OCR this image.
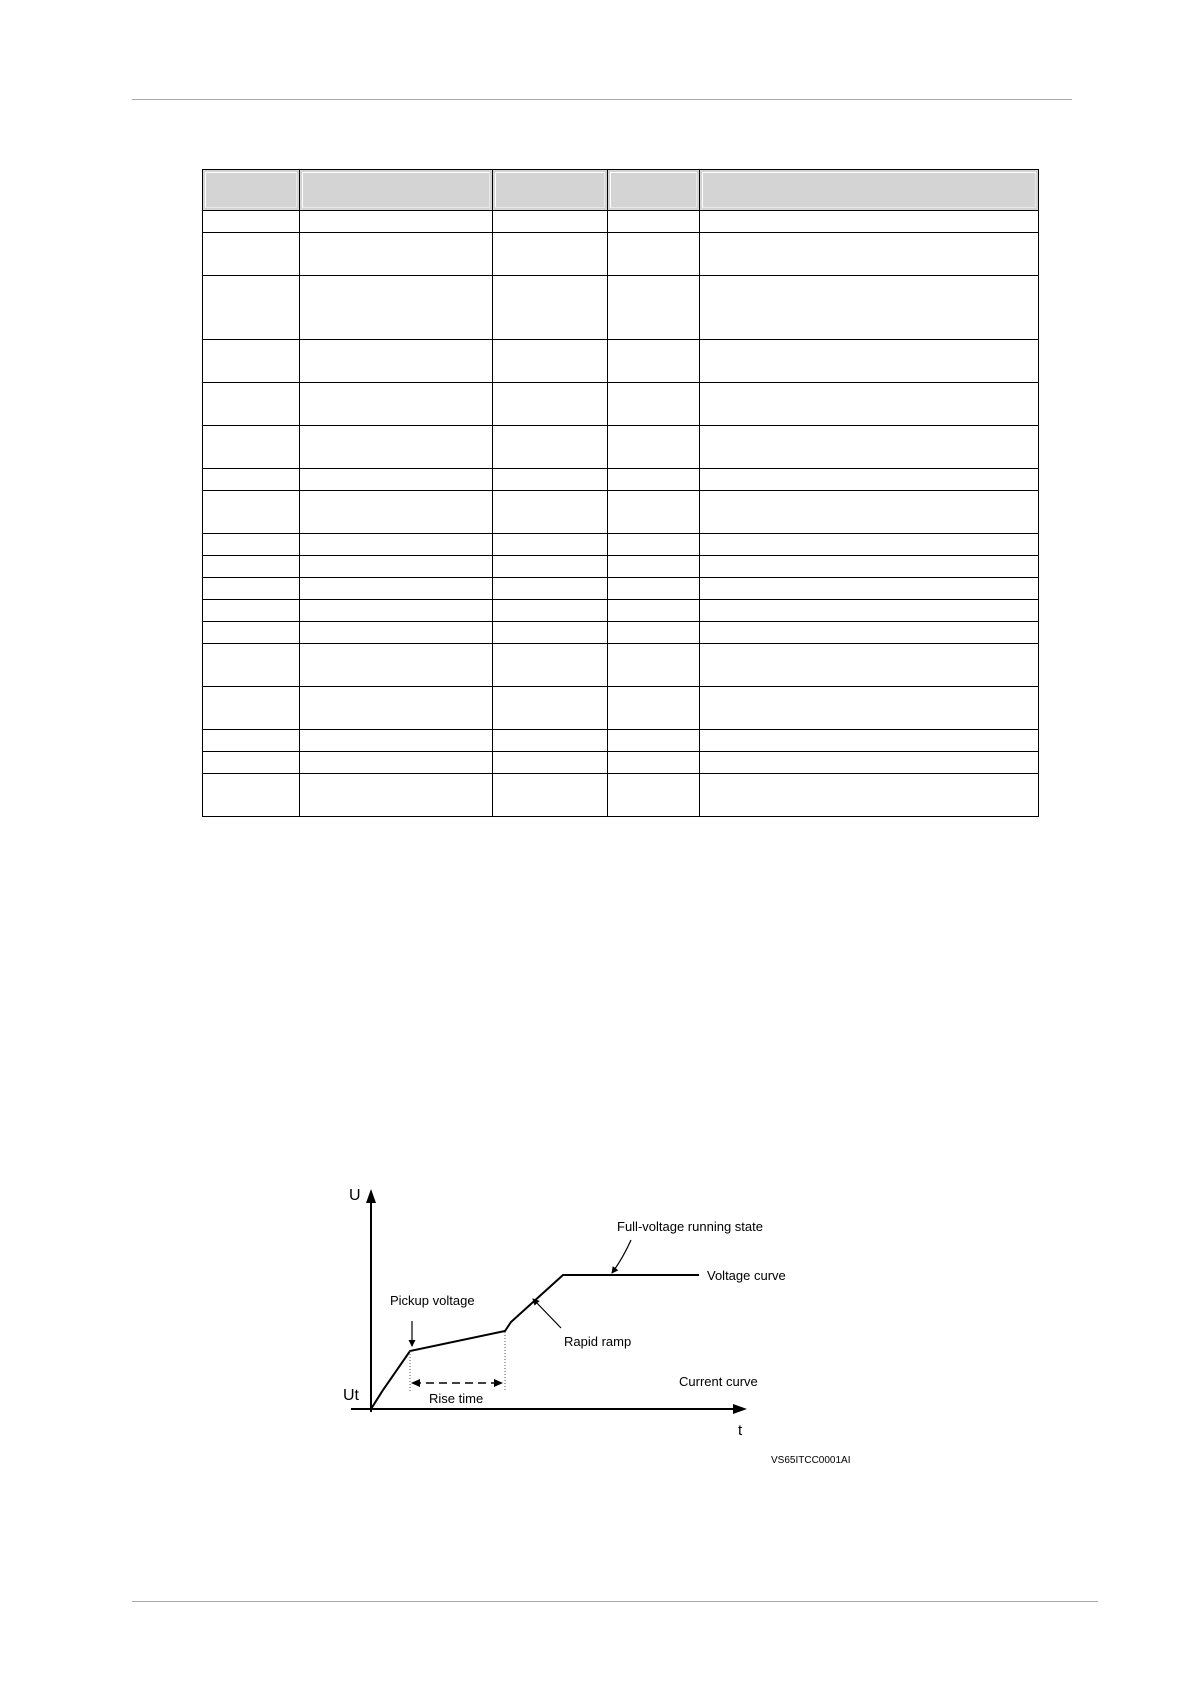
U
Ut
t
Full-voltage running state
Voltage curve
Pickup voltage
Rapid ramp
Current curve
Rise time
VS65ITCC0001AI
